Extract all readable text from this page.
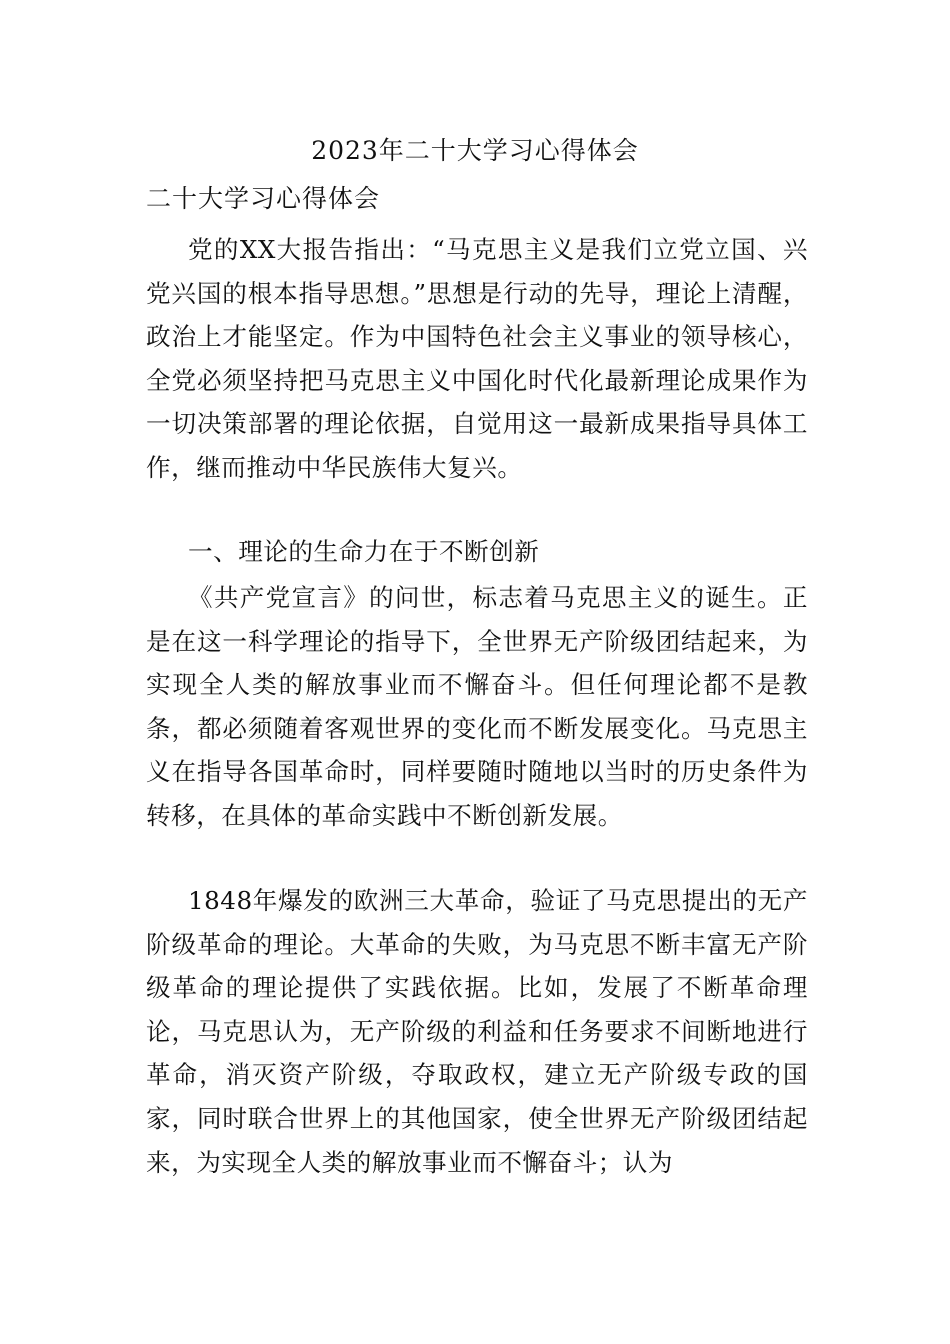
2023年二十大学习心得体会
二十大学习心得体会

党的XX大报告指出：“马克思主义是我们立党立国、兴党兴国的根本指导思想。”思想是行动的先导，理论上清醒，政治上才能坚定。作为中国特色社会主义事业的领导核心，全党必须坚持把马克思主义中国化时代化最新理论成果作为一切决策部署的理论依据，自觉用这一最新成果指导具体工作，继而推动中华民族伟大复兴。

一、理论的生命力在于不断创新

《共产党宣言》的问世，标志着马克思主义的诞生。正是在这一科学理论的指导下，全世界无产阶级团结起来，为实现全人类的解放事业而不懈奋斗。但任何理论都不是教条，都必须随着客观世界的变化而不断发展变化。马克思主义在指导各国革命时，同样要随时随地以当时的历史条件为转移，在具体的革命实践中不断创新发展。

1848年爆发的欧洲三大革命，验证了马克思提出的无产阶级革命的理论。大革命的失败，为马克思不断丰富无产阶级革命的理论提供了实践依据。比如，发展了不断革命理论，马克思认为，无产阶级的利益和任务要求不间断地进行革命，消灭资产阶级，夺取政权，建立无产阶级专政的国家，同时联合世界上的其他国家，使全世界无产阶级团结起来，为实现全人类的解放事业而不懈奋斗；认为
